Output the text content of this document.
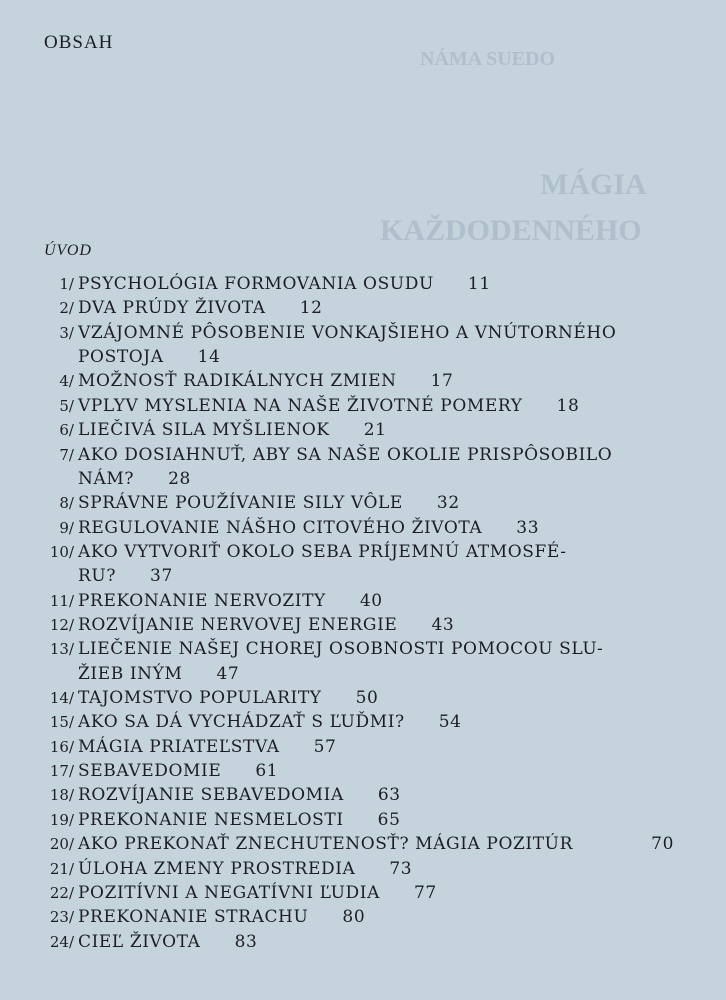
NÁMA SUEDO
MÁGIA
KAŽDODENNÉHO
OBSAH
ÚVOD
1/ PSYCHOLÓGIA FORMOVANIA OSUDU 11
2/ DVA PRÚDY ŽIVOTA 12
3/ VZÁJOMNÉ PÔSOBENIE VONKAJŠIEHO A VNÚTORNÉHO
POSTOJA 14
4/ MOŽNOSŤ RADIKÁLNYCH ZMIEN 17
5/ VPLYV MYSLENIA NA NAŠE ŽIVOTNÉ POMERY 18
6/ LIEČIVÁ SILA MYŠLIENOK 21
7/ AKO DOSIAHNUŤ, ABY SA NAŠE OKOLIE PRISPÔSOBILO
NÁM? 28
8/ SPRÁVNE POUŽÍVANIE SILY VÔLE 32
9/ REGULOVANIE NÁŠHO CITOVÉHO ŽIVOTA 33
10/ AKO VYTVORIŤ OKOLO SEBA PRÍJEMNÚ ATMOSFÉ-
RU? 37
11/ PREKONANIE NERVOZITY 40
12/ ROZVÍJANIE NERVOVEJ ENERGIE 43
13/ LIEČENIE NAŠEJ CHOREJ OSOBNOSTI POMOCOU SLU-
ŽIEB INÝM 47
14/ TAJOMSTVO POPULARITY 50
15/ AKO SA DÁ VYCHÁDZAŤ S ĽUĎMI? 54
16/ MÁGIA PRIATEĽSTVA 57
17/ SEBAVEDOMIE 61
18/ ROZVÍJANIE SEBAVEDOMIA 63
19/ PREKONANIE NESMELOSTI 65
20/ AKO PREKONAŤ ZNECHUTENOSŤ? MÁGIA POZITÚR	70
21/ ÚLOHA ZMENY PROSTREDIA 73
22/ POZITÍVNI A NEGATÍVNI ĽUDIA 77
23/ PREKONANIE STRACHU 80
24/ CIEĽ ŽIVOTA 83
